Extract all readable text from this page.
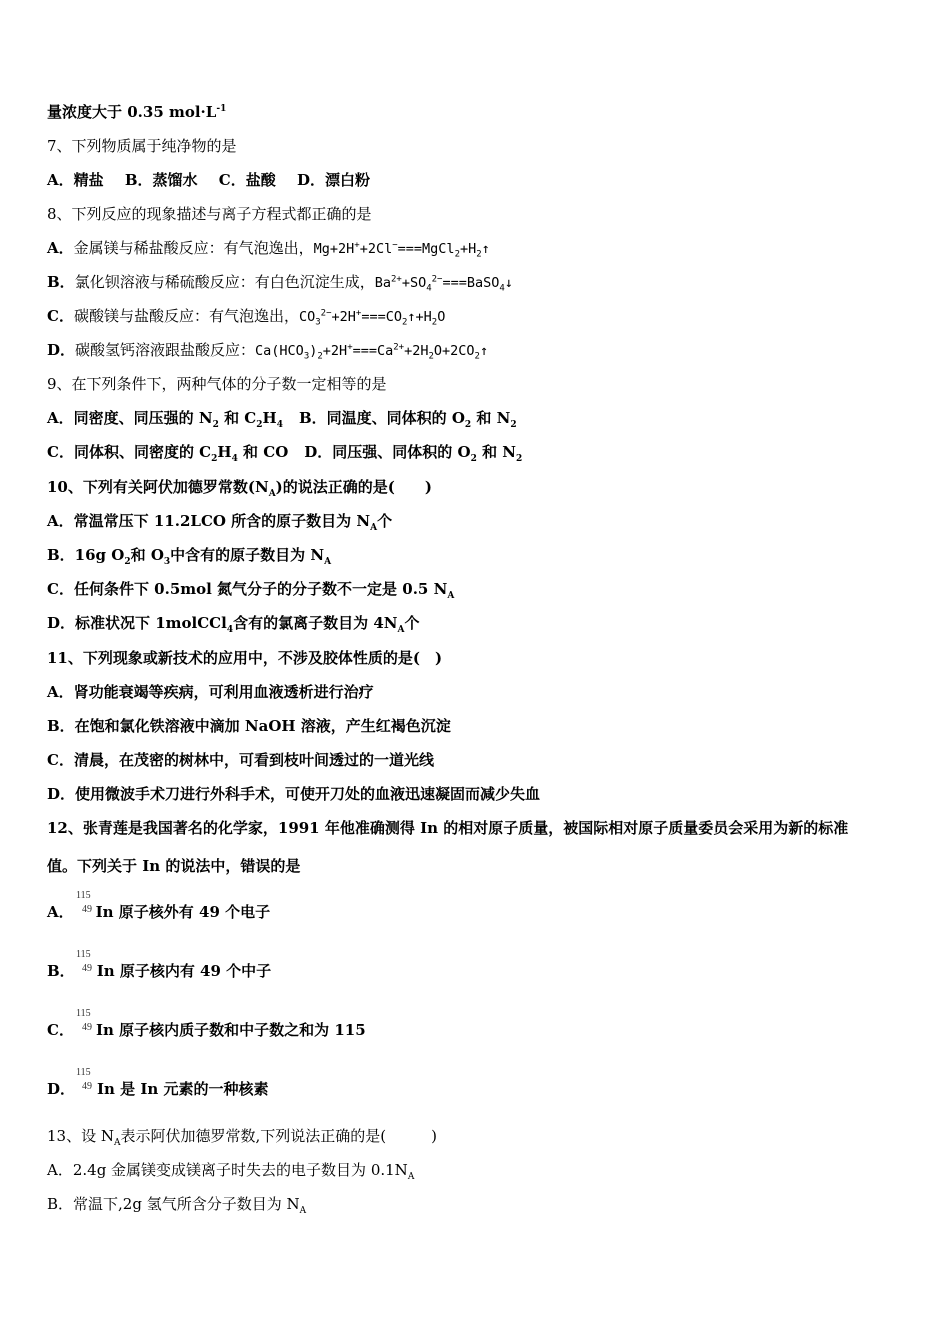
量浓度大于 0.35 $mol\cdot L^{-1}$
7、下列物质属于纯净物的是
A．精盐 B．蒸馏水 C．盐酸 D．漂白粉
8、下列反应的现象描述与离子方程式都正确的是
A．金属镁与稀盐酸反应：有气泡逸出，$Mg+2H^++2Cl^-===MgCl_2+H_2↑$
B．氯化钡溶液与稀硫酸反应：有白色沉淀生成，$Ba^{2+}+SO_4^{2-}===BaSO_4↓$
C．碳酸镁与盐酸反应：有气泡逸出，$CO_3^{2-}+2H^+===CO_2↑+H_2O$
D．碳酸氢钙溶液跟盐酸反应：$Ca(HCO_3)_2+2H^+===Ca^{2+}+2H_2O+2CO_2↑$
9、在下列条件下，两种气体的分子数一定相等的是
A．同密度、同压强的 $N_2$ 和 $C_2H_4$ B．同温度、同体积的 $O_2$ 和 $N_2$
C．同体积、同密度的 $C_2H_4$ 和 CO D．同压强、同体积的 $O_2$ 和 $N_2$
10、下列有关阿伏加德罗常数$(N_A)$的说法正确的是(　　)
A．常温常压下 11.2LCO 所含的原子数目为 $N_A$个
B．16g $O_2$和 $O_3$中含有的原子数目为 $N_A$
C．任何条件下 0.5mol 氮气分子的分子数不一定是 0.5 $N_A$
D．标准状况下 1molCCl$_4$含有的氯离子数目为 $4N_A$个
11、下列现象或新技术的应用中，不涉及胶体性质的是(　)
A．肾功能衰竭等疾病，可利用血液透析进行治疗
B．在饱和氯化铁溶液中滴加 NaOH 溶液，产生红褐色沉淀
C．清晨，在茂密的树林中，可看到枝叶间透过的一道光线
D．使用微波手术刀进行外科手术，可使开刀处的血液迅速凝固而减少失血
12、张青莲是我国著名的化学家，1991 年他准确测得 In 的相对原子质量，被国际相对原子质量委员会采用为新的标准
值。下列关于 In 的说法中，错误的是
115
49
A． In 原子核外有 49 个电子
115
49
B． In 原子核内有 49 个中子
115
49
C． In 原子核内质子数和中子数之和为 115
115
49
D． In 是 In 元素的一种核素
13、设 $N_A$表示阿伏加德罗常数,下列说法正确的是(　　　)
A．2.4g 金属镁变成镁离子时失去的电子数目为 $0.1N_A$
B．常温下,2g 氢气所含分子数目为 $N_A$
